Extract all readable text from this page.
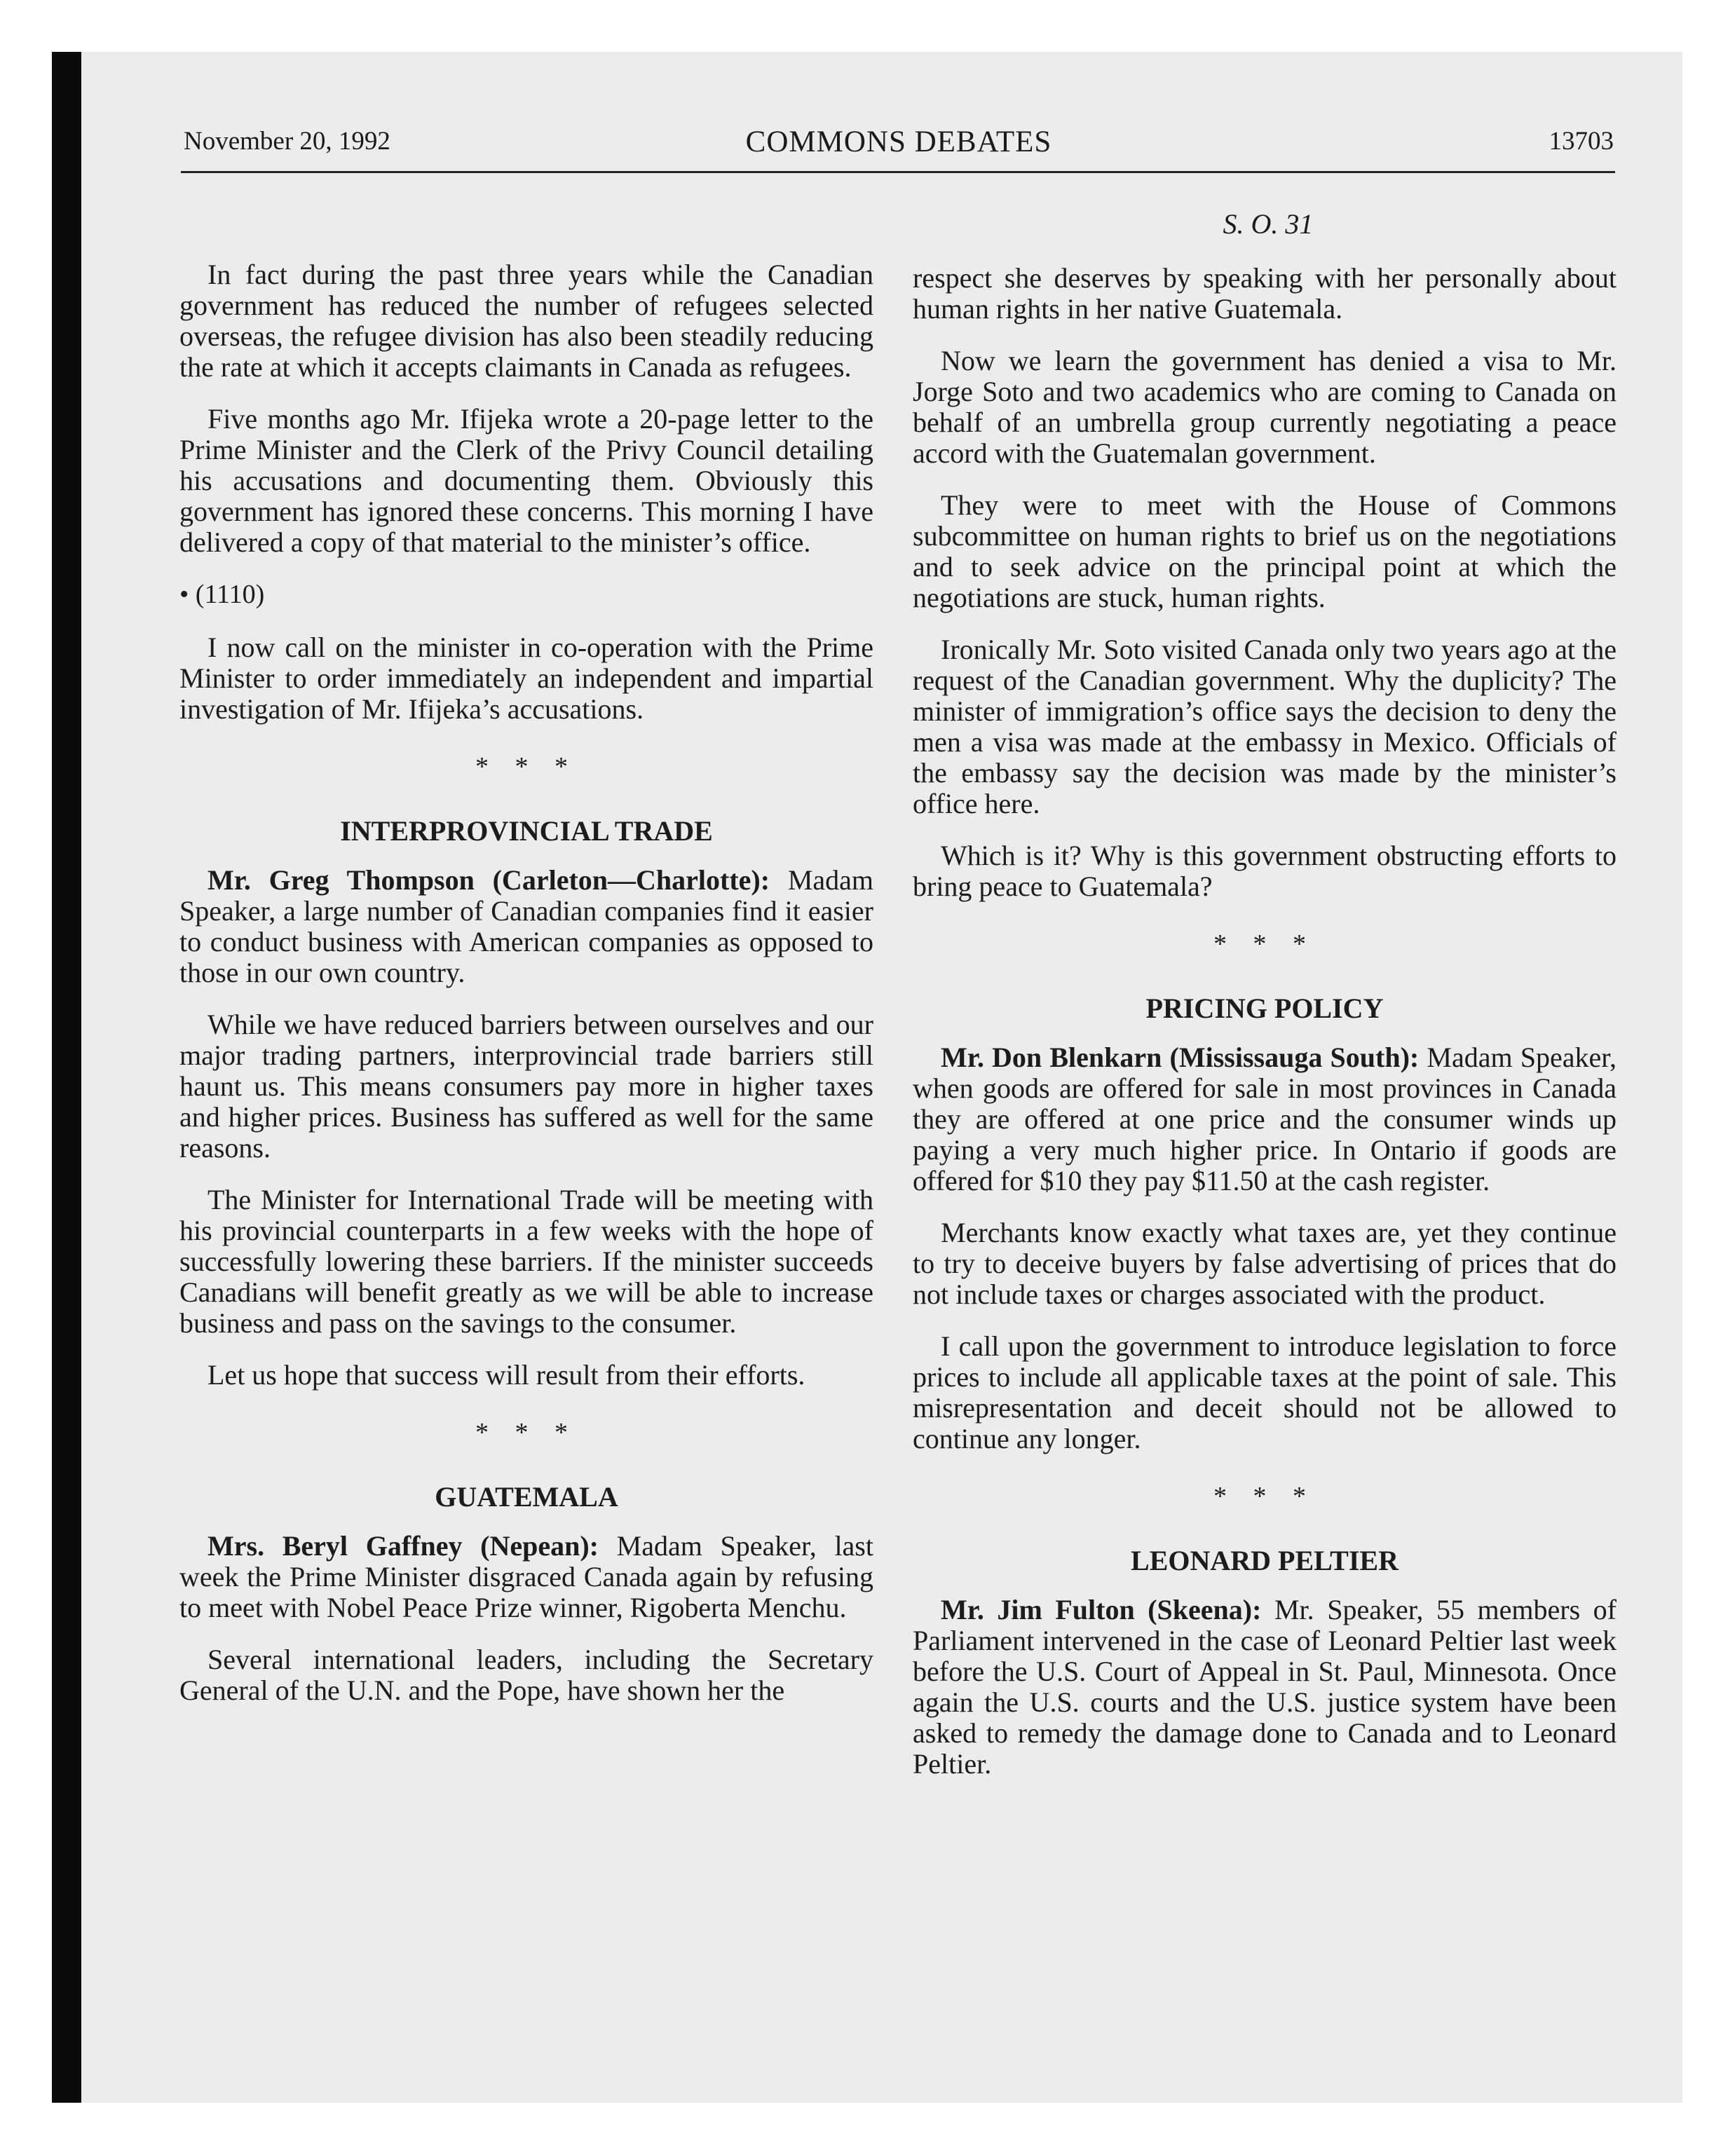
November 20, 1992	COMMONS DEBATES	13703
S. O. 31

In fact during the past three years while the Canadian government has reduced the number of refugees selected overseas, the refugee division has also been steadily reducing the rate at which it accepts claimants in Canada as refugees.

Five months ago Mr. Ifijeka wrote a 20-page letter to the Prime Minister and the Clerk of the Privy Council detailing his accusations and documenting them. Obviously this government has ignored these concerns. This morning I have delivered a copy of that material to the minister’s office.

• (1110)

I now call on the minister in co-operation with the Prime Minister to order immediately an independent and impartial investigation of Mr. Ifijeka’s accusations.

* * *
INTERPROVINCIAL TRADE

Mr. Greg Thompson (Carleton—Charlotte): Madam Speaker, a large number of Canadian companies find it easier to conduct business with American companies as opposed to those in our own country.

While we have reduced barriers between ourselves and our major trading partners, interprovincial trade barriers still haunt us. This means consumers pay more in higher taxes and higher prices. Business has suffered as well for the same reasons.

The Minister for International Trade will be meeting with his provincial counterparts in a few weeks with the hope of successfully lowering these barriers. If the minister succeeds Canadians will benefit greatly as we will be able to increase business and pass on the savings to the consumer.

Let us hope that success will result from their efforts.

* * *
GUATEMALA

Mrs. Beryl Gaffney (Nepean): Madam Speaker, last week the Prime Minister disgraced Canada again by refusing to meet with Nobel Peace Prize winner, Rigoberta Menchu.

Several international leaders, including the Secretary General of the U.N. and the Pope, have shown her the

respect she deserves by speaking with her personally about human rights in her native Guatemala.

Now we learn the government has denied a visa to Mr. Jorge Soto and two academics who are coming to Canada on behalf of an umbrella group currently negotiating a peace accord with the Guatemalan government.

They were to meet with the House of Commons subcommittee on human rights to brief us on the negotiations and to seek advice on the principal point at which the negotiations are stuck, human rights.

Ironically Mr. Soto visited Canada only two years ago at the request of the Canadian government. Why the duplicity? The minister of immigration’s office says the decision to deny the men a visa was made at the embassy in Mexico. Officials of the embassy say the decision was made by the minister’s office here.

Which is it? Why is this government obstructing efforts to bring peace to Guatemala?

* * *
PRICING POLICY

Mr. Don Blenkarn (Mississauga South): Madam Speaker, when goods are offered for sale in most provinces in Canada they are offered at one price and the consumer winds up paying a very much higher price. In Ontario if goods are offered for $10 they pay $11.50 at the cash register.

Merchants know exactly what taxes are, yet they continue to try to deceive buyers by false advertising of prices that do not include taxes or charges associated with the product.

I call upon the government to introduce legislation to force prices to include all applicable taxes at the point of sale. This misrepresentation and deceit should not be allowed to continue any longer.

* * *
LEONARD PELTIER

Mr. Jim Fulton (Skeena): Mr. Speaker, 55 members of Parliament intervened in the case of Leonard Peltier last week before the U.S. Court of Appeal in St. Paul, Minnesota. Once again the U.S. courts and the U.S. justice system have been asked to remedy the damage done to Canada and to Leonard Peltier.
